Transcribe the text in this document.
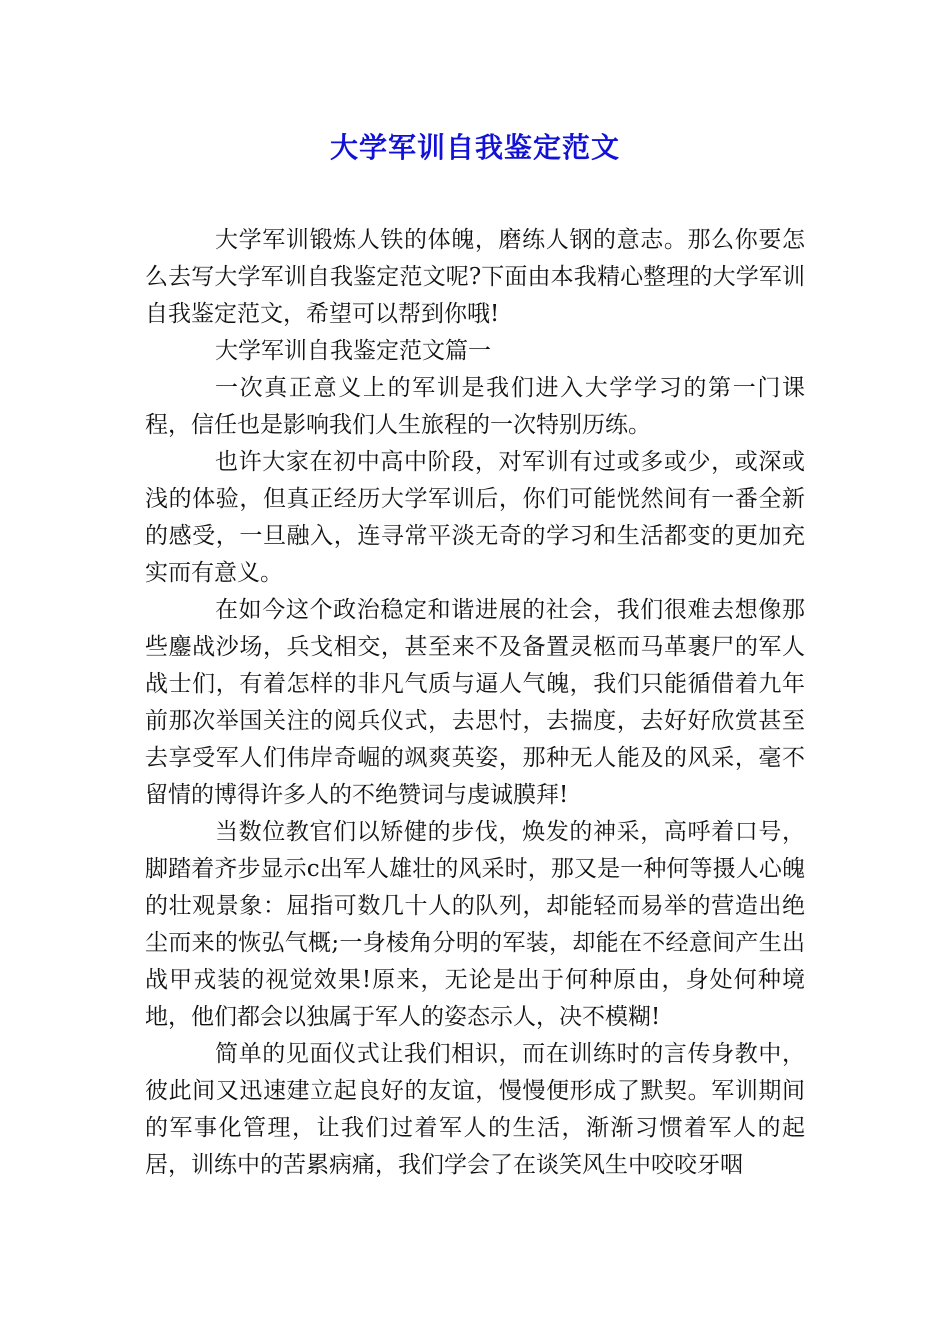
大学军训自我鉴定范文

大学军训锻炼人铁的体魄，磨练人钢的意志。那么你要怎么去写大学军训自我鉴定范文呢?下面由本我精心整理的大学军训自我鉴定范文，希望可以帮到你哦!

大学军训自我鉴定范文篇一

一次真正意义上的军训是我们进入大学学习的第一门课程，信任也是影响我们人生旅程的一次特别历练。

也许大家在初中高中阶段，对军训有过或多或少，或深或浅的体验，但真正经历大学军训后，你们可能恍然间有一番全新的感受，一旦融入，连寻常平淡无奇的学习和生活都变的更加充实而有意义。

在如今这个政治稳定和谐进展的社会，我们很难去想像那些鏖战沙场，兵戈相交，甚至来不及备置灵柩而马革裹尸的军人战士们，有着怎样的非凡气质与逼人气魄，我们只能循借着九年前那次举国关注的阅兵仪式，去思忖，去揣度，去好好欣赏甚至去享受军人们伟岸奇崛的飒爽英姿，那种无人能及的风采，毫不留情的博得许多人的不绝赞词与虔诚膜拜!

当数位教官们以矫健的步伐，焕发的神采，高呼着口号，脚踏着齐步显示c出军人雄壮的风采时，那又是一种何等摄人心魄的壮观景象：屈指可数几十人的队列，却能轻而易举的营造出绝尘而来的恢弘气概;一身棱角分明的军装，却能在不经意间产生出战甲戎装的视觉效果!原来，无论是出于何种原由，身处何种境地，他们都会以独属于军人的姿态示人，决不模糊!

简单的见面仪式让我们相识，而在训练时的言传身教中，彼此间又迅速建立起良好的友谊，慢慢便形成了默契。军训期间的军事化管理，让我们过着军人的生活，渐渐习惯着军人的起居，训练中的苦累病痛，我们学会了在谈笑风生中咬咬牙咽
